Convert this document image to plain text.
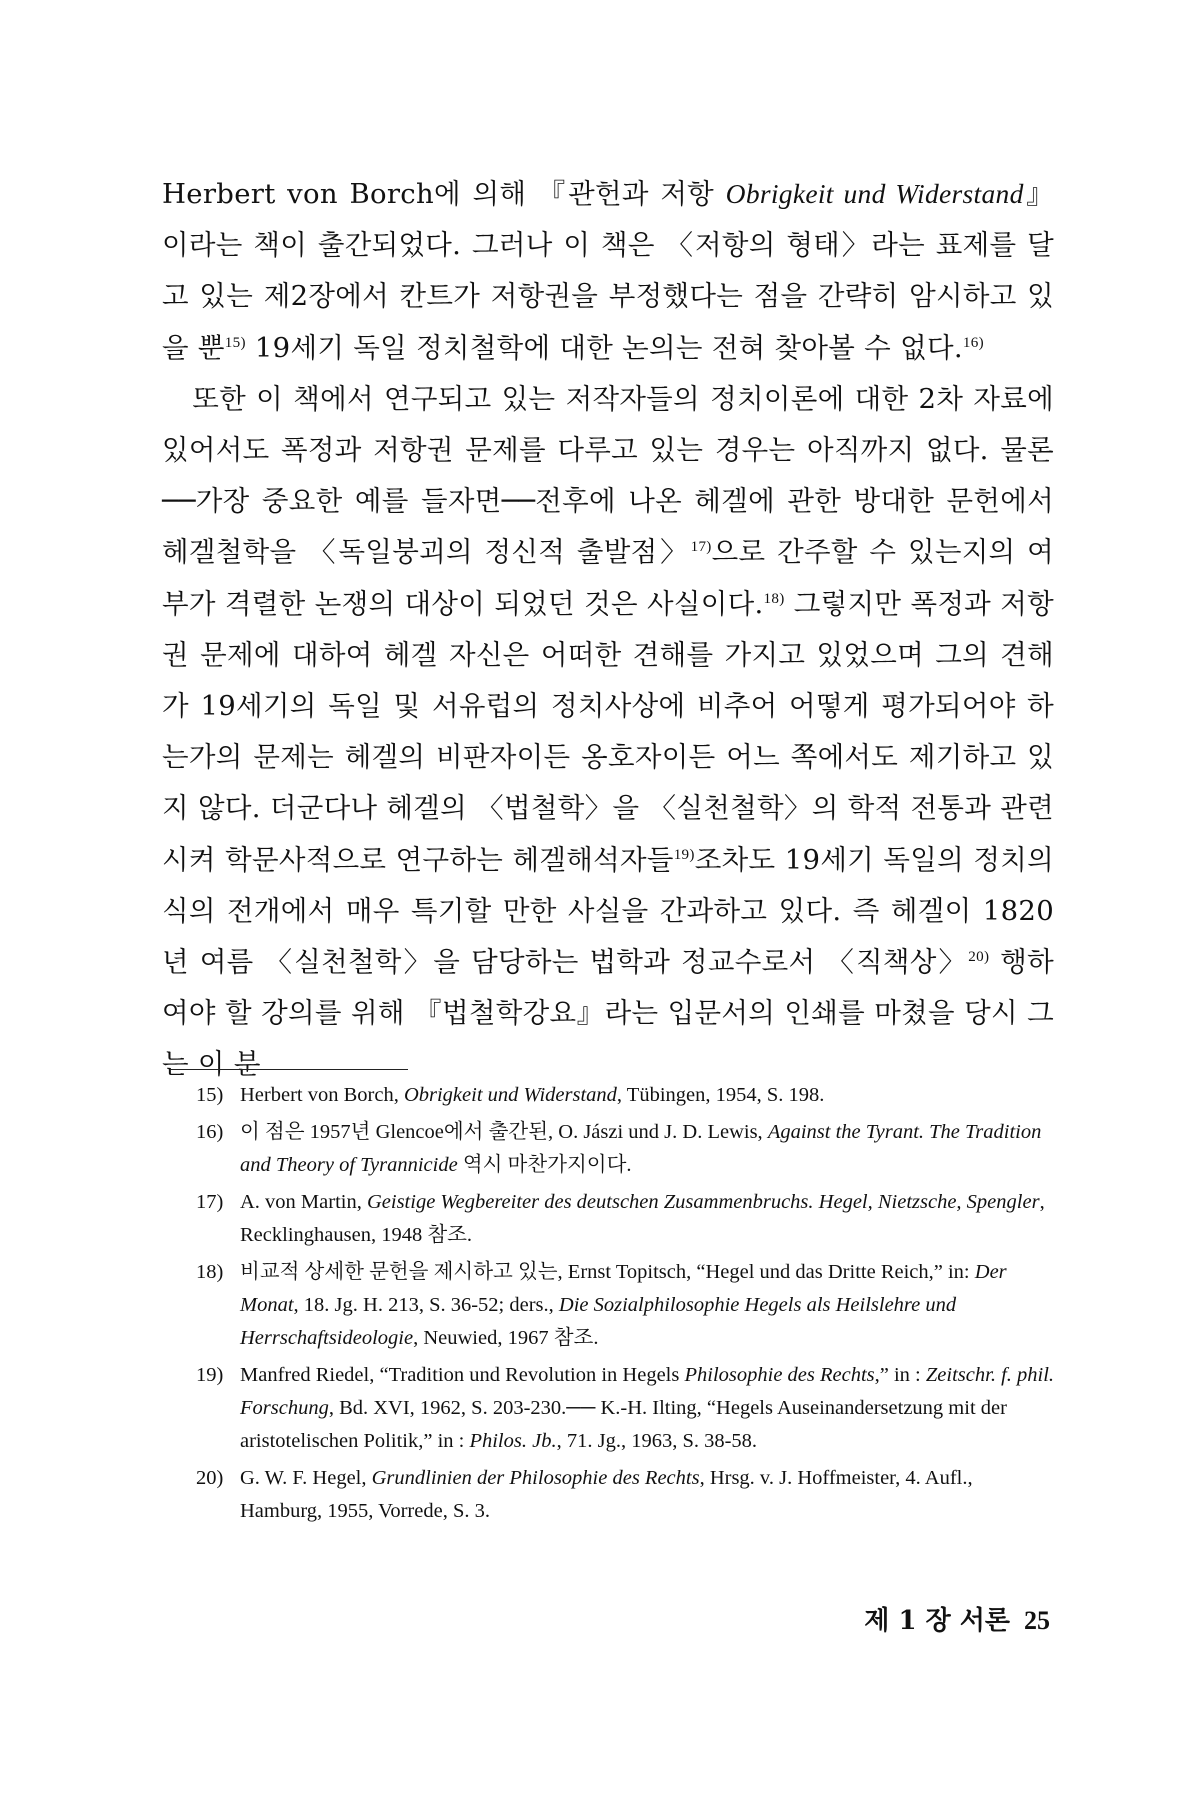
Herbert von Borch에 의해 『관헌과 저항 Obrigkeit und Widerstand』이라는 책이 출간되었다. 그러나 이 책은 〈저항의 형태〉라는 표제를 달고 있는 제2장에서 칸트가 저항권을 부정했다는 점을 간략히 암시하고 있을 뿐$^{15)}$ 19세기 독일 정치철학에 대한 논의는 전혀 찾아볼 수 없다.$^{16)}$

또한 이 책에서 연구되고 있는 저작자들의 정치이론에 대한 2차 자료에 있어서도 폭정과 저항권 문제를 다루고 있는 경우는 아직까지 없다. 물론 ──가장 중요한 예를 들자면──전후에 나온 헤겔에 관한 방대한 문헌에서 헤겔철학을 〈독일붕괴의 정신적 출발점〉$^{17)}$으로 간주할 수 있는지의 여부가 격렬한 논쟁의 대상이 되었던 것은 사실이다.$^{18)}$ 그렇지만 폭정과 저항권 문제에 대하여 헤겔 자신은 어떠한 견해를 가지고 있었으며 그의 견해가 19세기의 독일 및 서유럽의 정치사상에 비추어 어떻게 평가되어야 하는가의 문제는 헤겔의 비판자이든 옹호자이든 어느 쪽에서도 제기하고 있지 않다. 더군다나 헤겔의 〈법철학〉을 〈실천철학〉의 학적 전통과 관련시켜 학문사적으로 연구하는 헤겔해석자들$^{19)}$조차도 19세기 독일의 정치의식의 전개에서 매우 특기할 만한 사실을 간과하고 있다. 즉 헤겔이 1820년 여름 〈실천철학〉을 담당하는 법학과 정교수로서 〈직책상〉$^{20)}$ 행하여야 할 강의를 위해 『법철학강요』라는 입문서의 인쇄를 마쳤을 당시 그는 이 분

15) Herbert von Borch, Obrigkeit und Widerstand, Tübingen, 1954, S. 198.
16) 이 점은 1957년 Glencoe에서 출간된, O. Jászi und J. D. Lewis, Against the Tyrant. The Tradition and Theory of Tyrannicide 역시 마찬가지이다.
17) A. von Martin, Geistige Wegbereiter des deutschen Zusammenbruchs. Hegel, Nietzsche, Spengler, Recklinghausen, 1948 참조.
18) 비교적 상세한 문헌을 제시하고 있는, Ernst Topitsch, “Hegel und das Dritte Reich,” in: Der Monat, 18. Jg. H. 213, S. 36-52; ders., Die Sozialphilosophie Hegels als Heilslehre und Herrschaftsideologie, Neuwied, 1967 참조.
19) Manfred Riedel, “Tradition und Revolution in Hegels Philosophie des Rechts,” in : Zeitschr. f. phil. Forschung, Bd. XVI, 1962, S. 203-230.── K.-H. Ilting, “Hegels Auseinandersetzung mit der aristotelischen Politik,” in : Philos. Jb., 71. Jg., 1963, S. 38-58.
20) G. W. F. Hegel, Grundlinien der Philosophie des Rechts, Hrsg. v. J. Hoffmeister, 4. Aufl., Hamburg, 1955, Vorrede, S. 3.
제 1 장 서론 25
